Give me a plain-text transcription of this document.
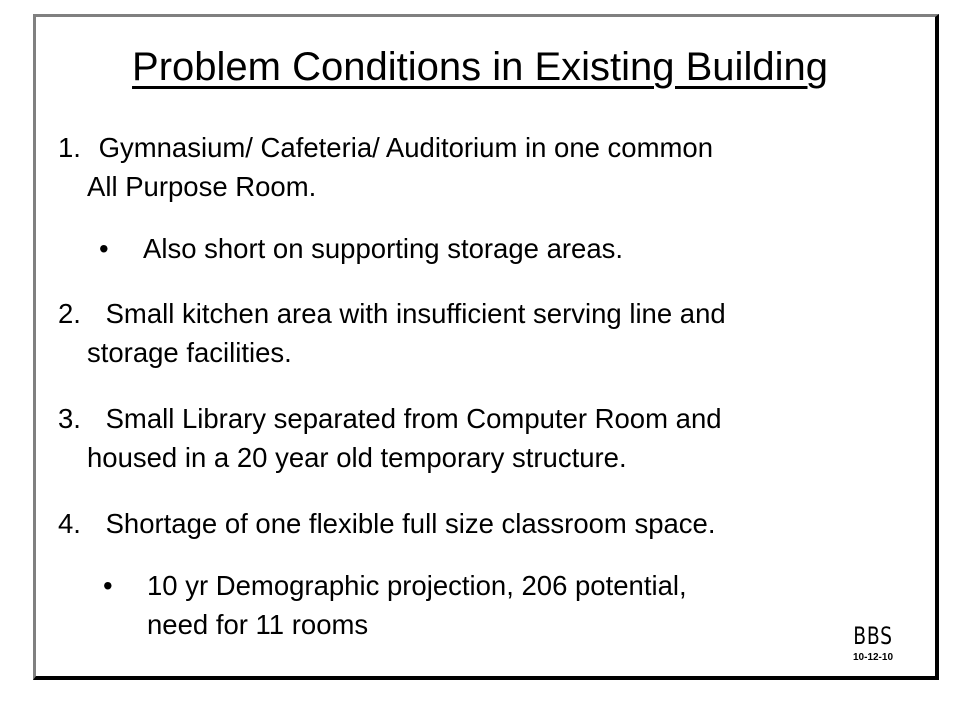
Problem Conditions in Existing Building
1. Gymnasium/ Cafeteria/ Auditorium in one common
All Purpose Room.
• Also short on supporting storage areas.
2. Small kitchen area with insufficient serving line and
storage facilities.
3. Small Library separated from Computer Room and
housed in a 20 year old temporary structure.
4. Shortage of one flexible full size classroom space.
• 10 yr Demographic projection, 206 potential,
need for 11 rooms	BBS
10-12-10
